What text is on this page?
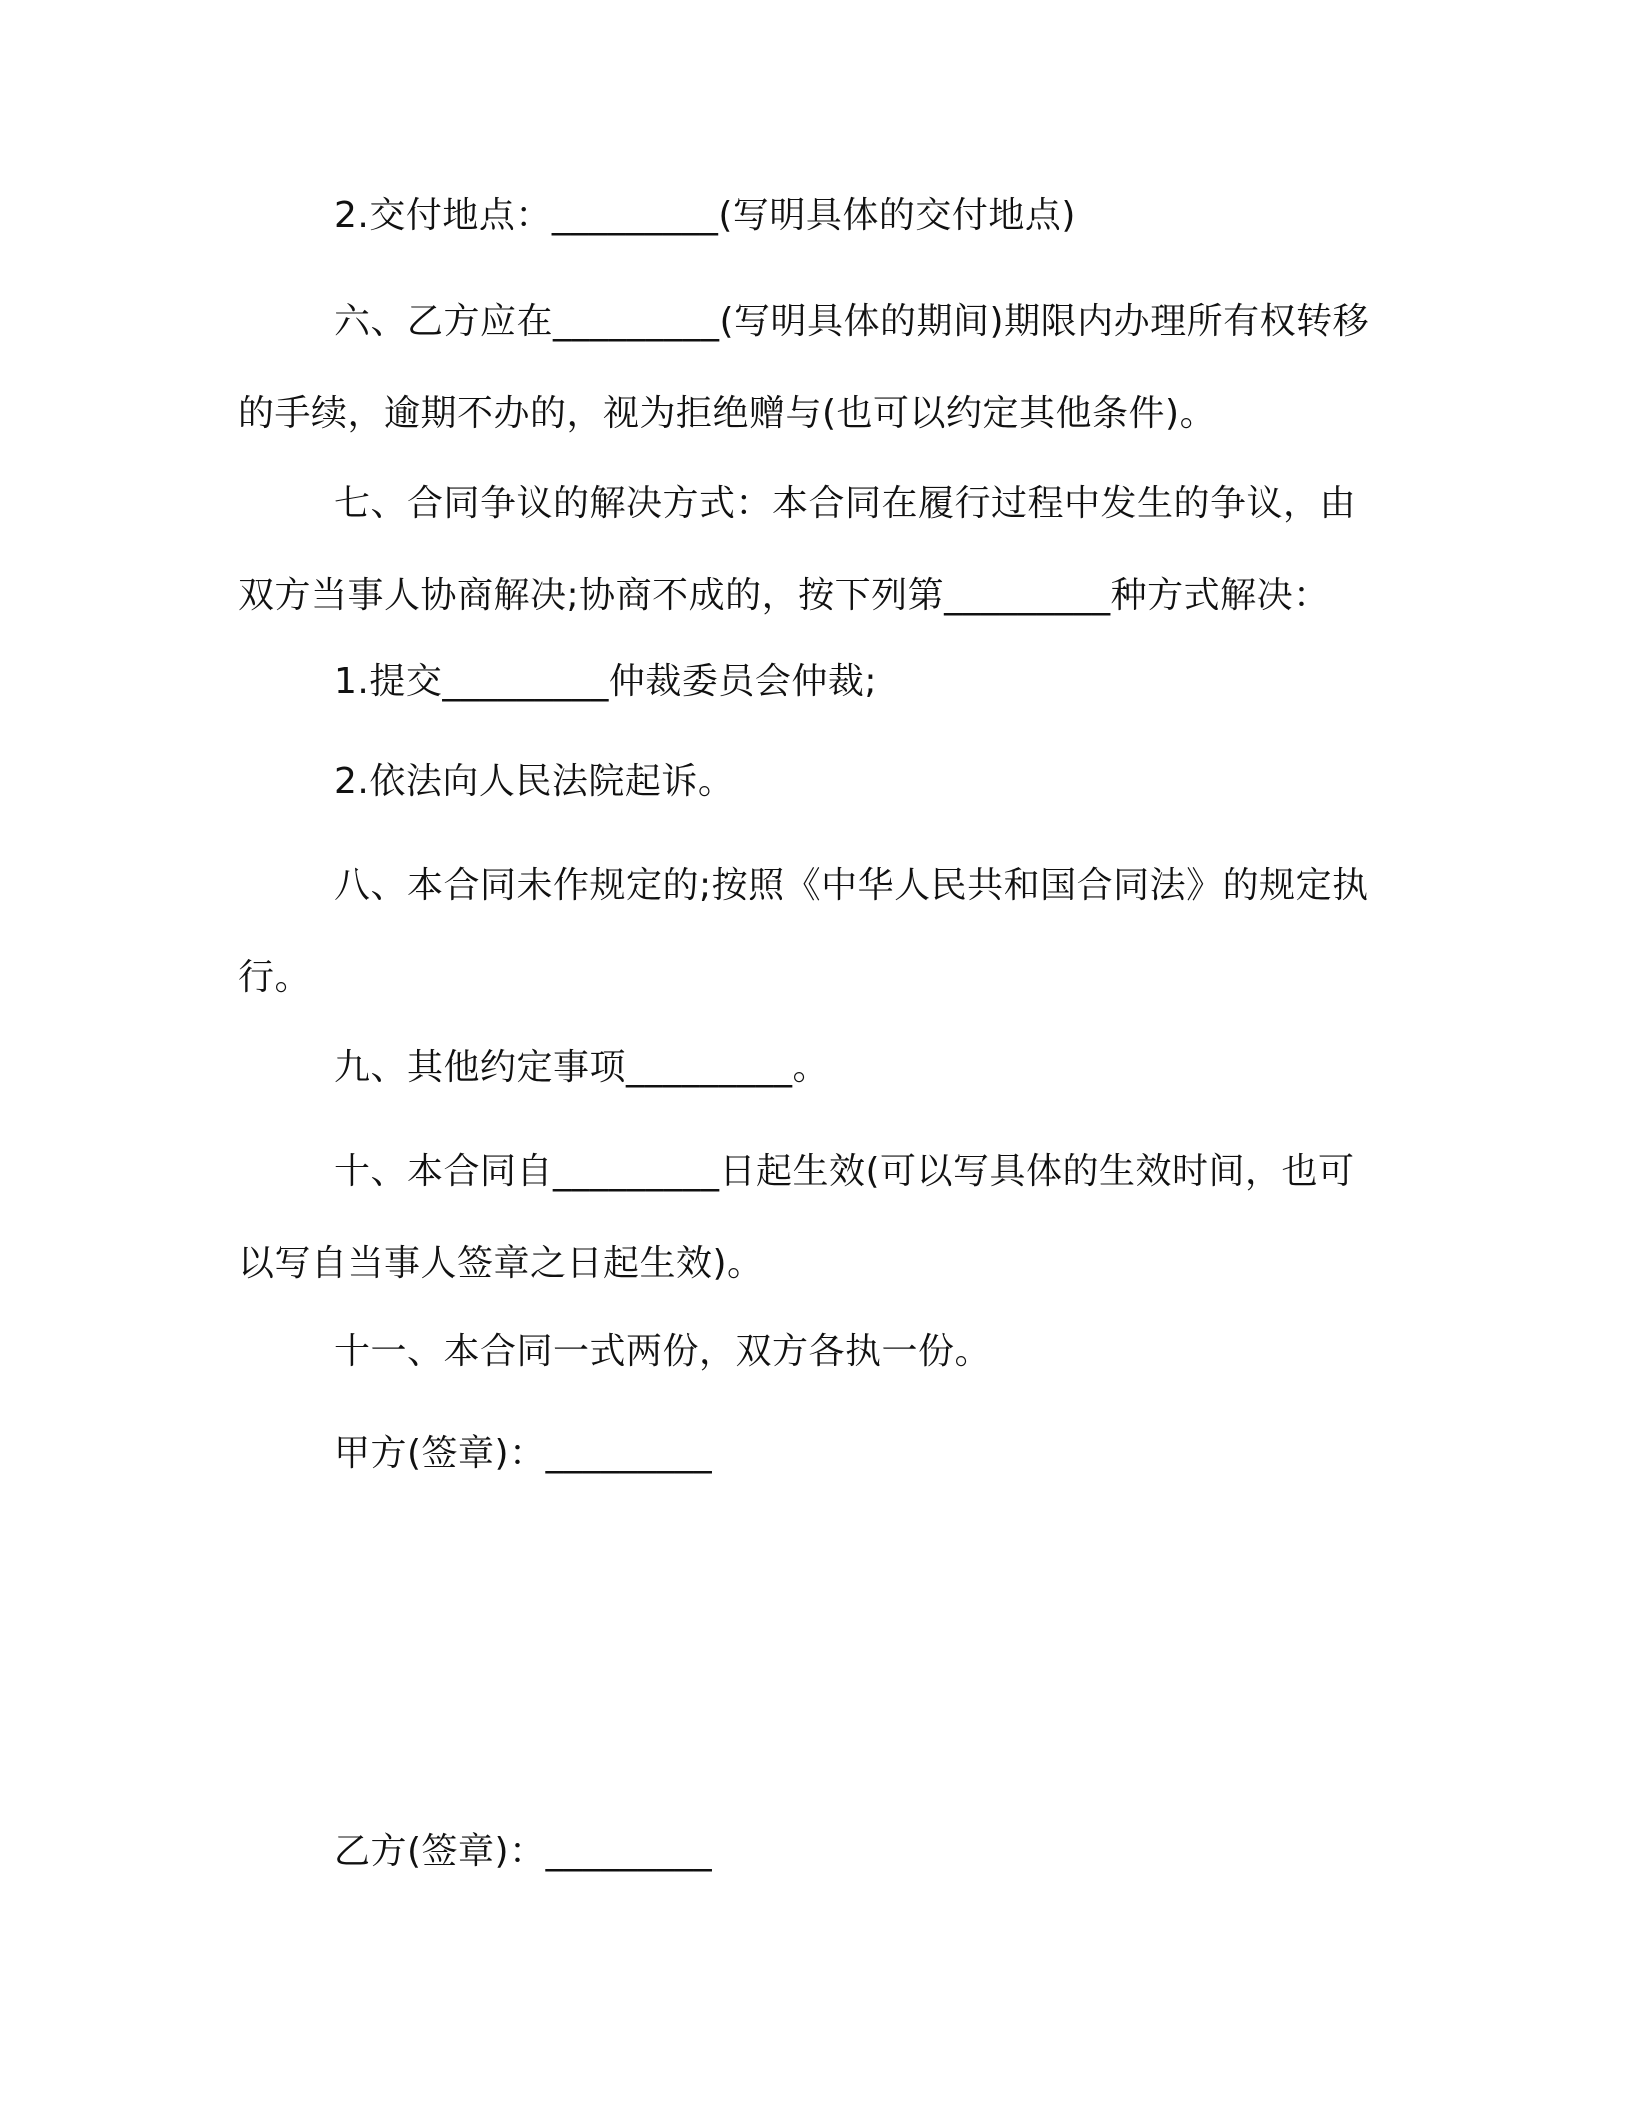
2.交付地点：_________(写明具体的交付地点)

六、乙方应在_________(写明具体的期间)期限内办理所有权转移的手续，逾期不办的，视为拒绝赠与(也可以约定其他条件)。

七、合同争议的解决方式：本合同在履行过程中发生的争议，由双方当事人协商解决;协商不成的，按下列第_________种方式解决：

1.提交_________仲裁委员会仲裁;

2.依法向人民法院起诉。

八、本合同未作规定的;按照《中华人民共和国合同法》的规定执行。

九、其他约定事项_________。

十、本合同自_________日起生效(可以写具体的生效时间，也可以写自当事人签章之日起生效)。

十一、本合同一式两份，双方各执一份。

甲方(签章)：_________

乙方(签章)：_________
